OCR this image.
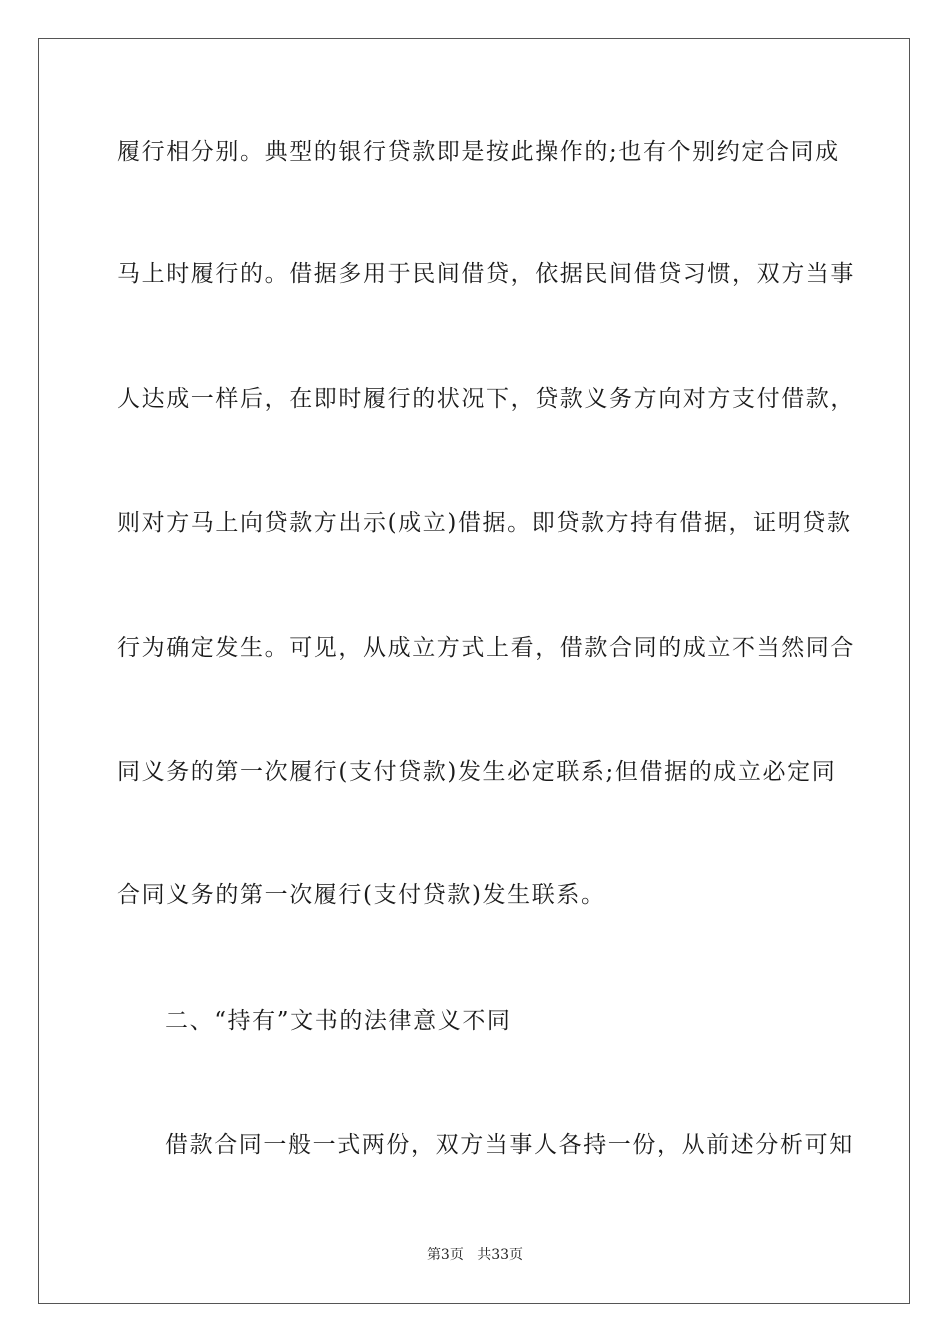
履行相分别。典型的银行贷款即是按此操作的;也有个别约定合同成
马上时履行的。借据多用于民间借贷，依据民间借贷习惯，双方当事
人达成一样后，在即时履行的状况下，贷款义务方向对方支付借款，
则对方马上向贷款方出示(成立)借据。即贷款方持有借据，证明贷款
行为确定发生。可见，从成立方式上看，借款合同的成立不当然同合
同义务的第一次履行(支付贷款)发生必定联系;但借据的成立必定同
合同义务的第一次履行(支付贷款)发生联系。
二、“持有”文书的法律意义不同
借款合同一般一式两份，双方当事人各持一份，从前述分析可知
第3页 共33页
